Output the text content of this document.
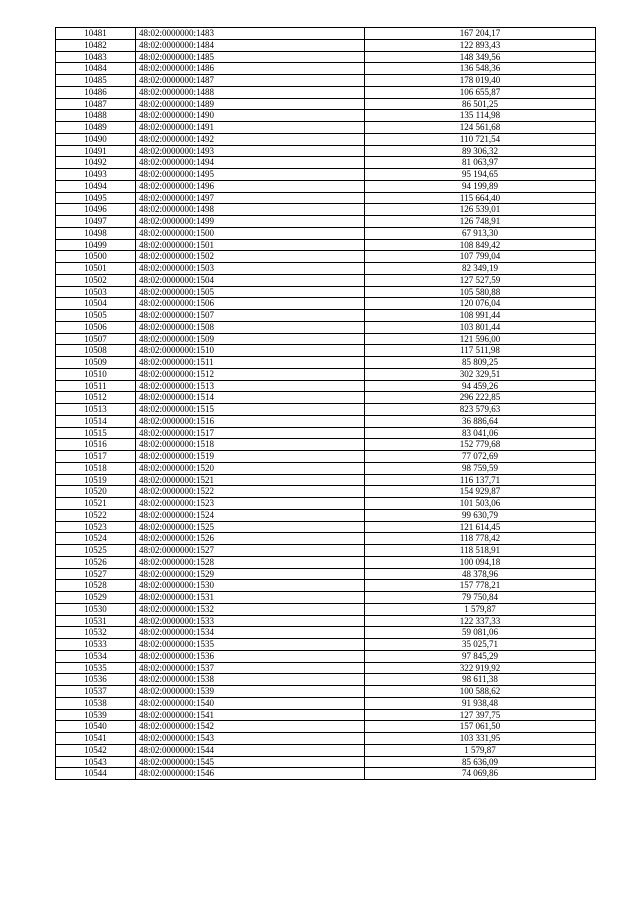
10481	48:02:0000000:1483	167 204,17
10482	48:02:0000000:1484	122 893,43
10483	48:02:0000000:1485	148 349,56
10484	48:02:0000000:1486	136 548,36
10485	48:02:0000000:1487	178 019,40
10486	48:02:0000000:1488	106 655,87
10487	48:02:0000000:1489	86 501,25
10488	48:02:0000000:1490	135 114,98
10489	48:02:0000000:1491	124 561,68
10490	48:02:0000000:1492	110 721,54
10491	48:02:0000000:1493	89 306,32
10492	48:02:0000000:1494	81 063,97
10493	48:02:0000000:1495	95 194,65
10494	48:02:0000000:1496	94 199,89
10495	48:02:0000000:1497	115 664,40
10496	48:02:0000000:1498	126 539,01
10497	48:02:0000000:1499	126 748,91
10498	48:02:0000000:1500	67 913,30
10499	48:02:0000000:1501	108 849,42
10500	48:02:0000000:1502	107 799,04
10501	48:02:0000000:1503	82 349,19
10502	48:02:0000000:1504	127 527,59
10503	48:02:0000000:1505	105 580,88
10504	48:02:0000000:1506	120 076,04
10505	48:02:0000000:1507	108 991,44
10506	48:02:0000000:1508	103 801,44
10507	48:02:0000000:1509	121 596,00
10508	48:02:0000000:1510	117 511,98
10509	48:02:0000000:1511	85 809,25
10510	48:02:0000000:1512	302 329,51
10511	48:02:0000000:1513	94 459,26
10512	48:02:0000000:1514	296 222,85
10513	48:02:0000000:1515	823 579,63
10514	48:02:0000000:1516	36 886,64
10515	48:02:0000000:1517	83 041,06
10516	48:02:0000000:1518	152 779,68
10517	48:02:0000000:1519	77 072,69
10518	48:02:0000000:1520	98 759,59
10519	48:02:0000000:1521	116 137,71
10520	48:02:0000000:1522	154 929,87
10521	48:02:0000000:1523	101 503,06
10522	48:02:0000000:1524	99 630,79
10523	48:02:0000000:1525	121 614,45
10524	48:02:0000000:1526	118 778,42
10525	48:02:0000000:1527	118 518,91
10526	48:02:0000000:1528	100 094,18
10527	48:02:0000000:1529	48 378,96
10528	48:02:0000000:1530	157 778,21
10529	48:02:0000000:1531	79 750,84
10530	48:02:0000000:1532	1 579,87
10531	48:02:0000000:1533	122 337,33
10532	48:02:0000000:1534	59 081,06
10533	48:02:0000000:1535	35 025,71
10534	48:02:0000000:1536	97 845,29
10535	48:02:0000000:1537	322 919,92
10536	48:02:0000000:1538	98 611,38
10537	48:02:0000000:1539	100 588,62
10538	48:02:0000000:1540	91 938,48
10539	48:02:0000000:1541	127 397,75
10540	48:02:0000000:1542	157 061,50
10541	48:02:0000000:1543	103 331,95
10542	48:02:0000000:1544	1 579,87
10543	48:02:0000000:1545	85 636,09
10544	48:02:0000000:1546	74 069,86
